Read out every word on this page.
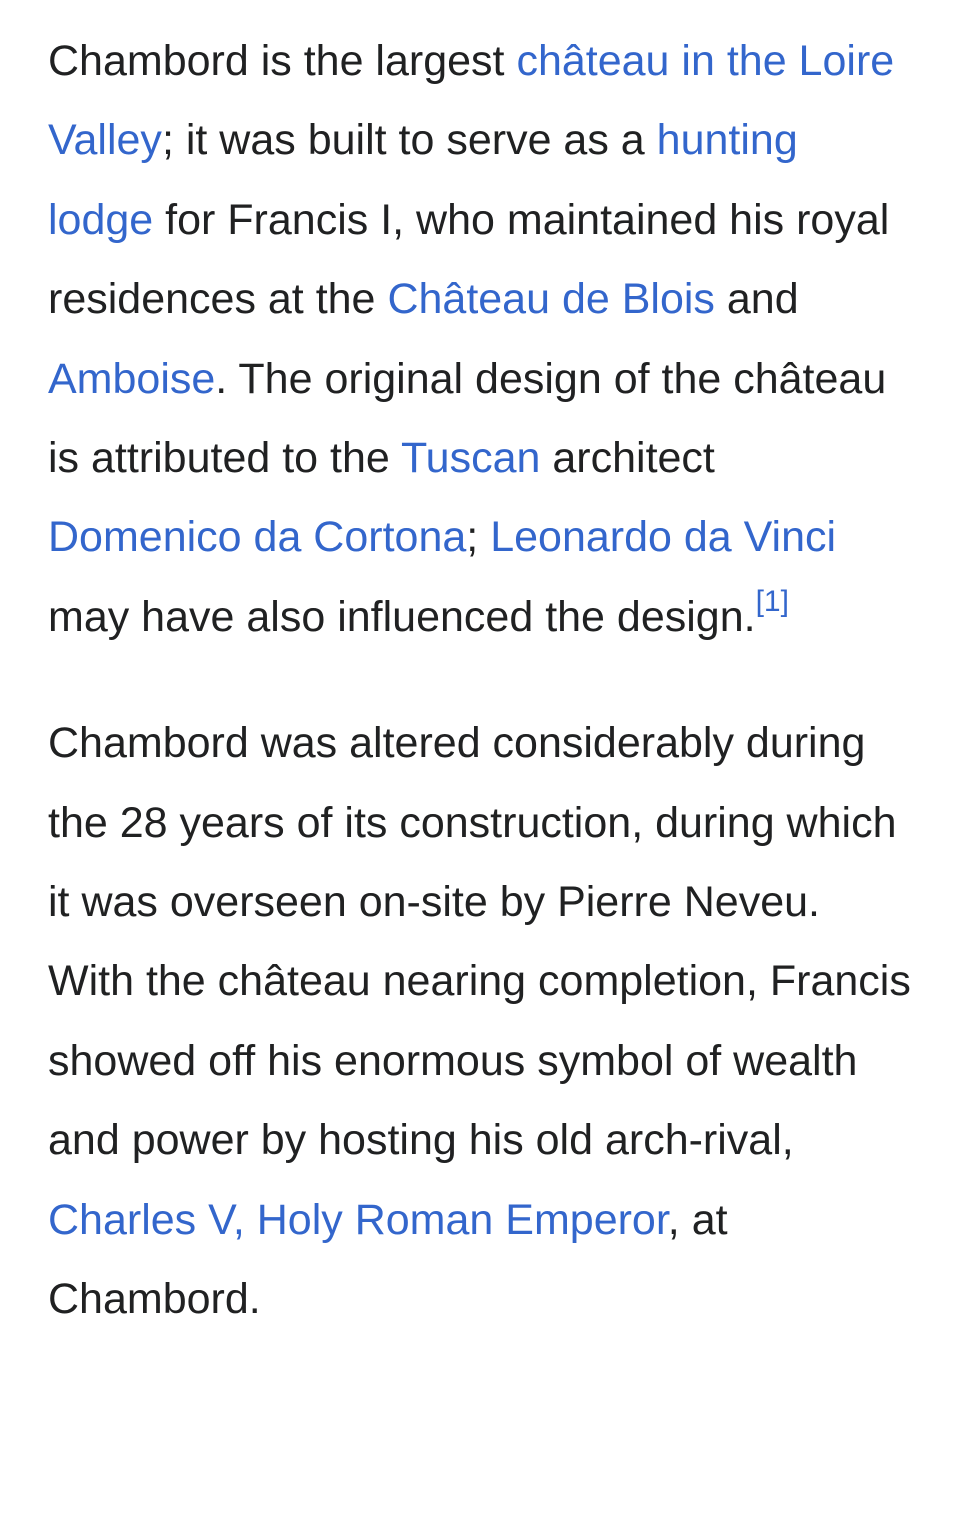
Chambord is the largest château in the Loire Valley; it was built to serve as a hunting lodge for Francis I, who maintained his royal residences at the Château de Blois and Amboise. The original design of the château is attributed to the Tuscan architect Domenico da Cortona; Leonardo da Vinci may have also influenced the design.[1]

Chambord was altered considerably during the 28 years of its construction, during which it was overseen on-site by Pierre Neveu. With the château nearing completion, Francis showed off his enormous symbol of wealth and power by hosting his old arch-rival, Charles V, Holy Roman Emperor, at Chambord.
